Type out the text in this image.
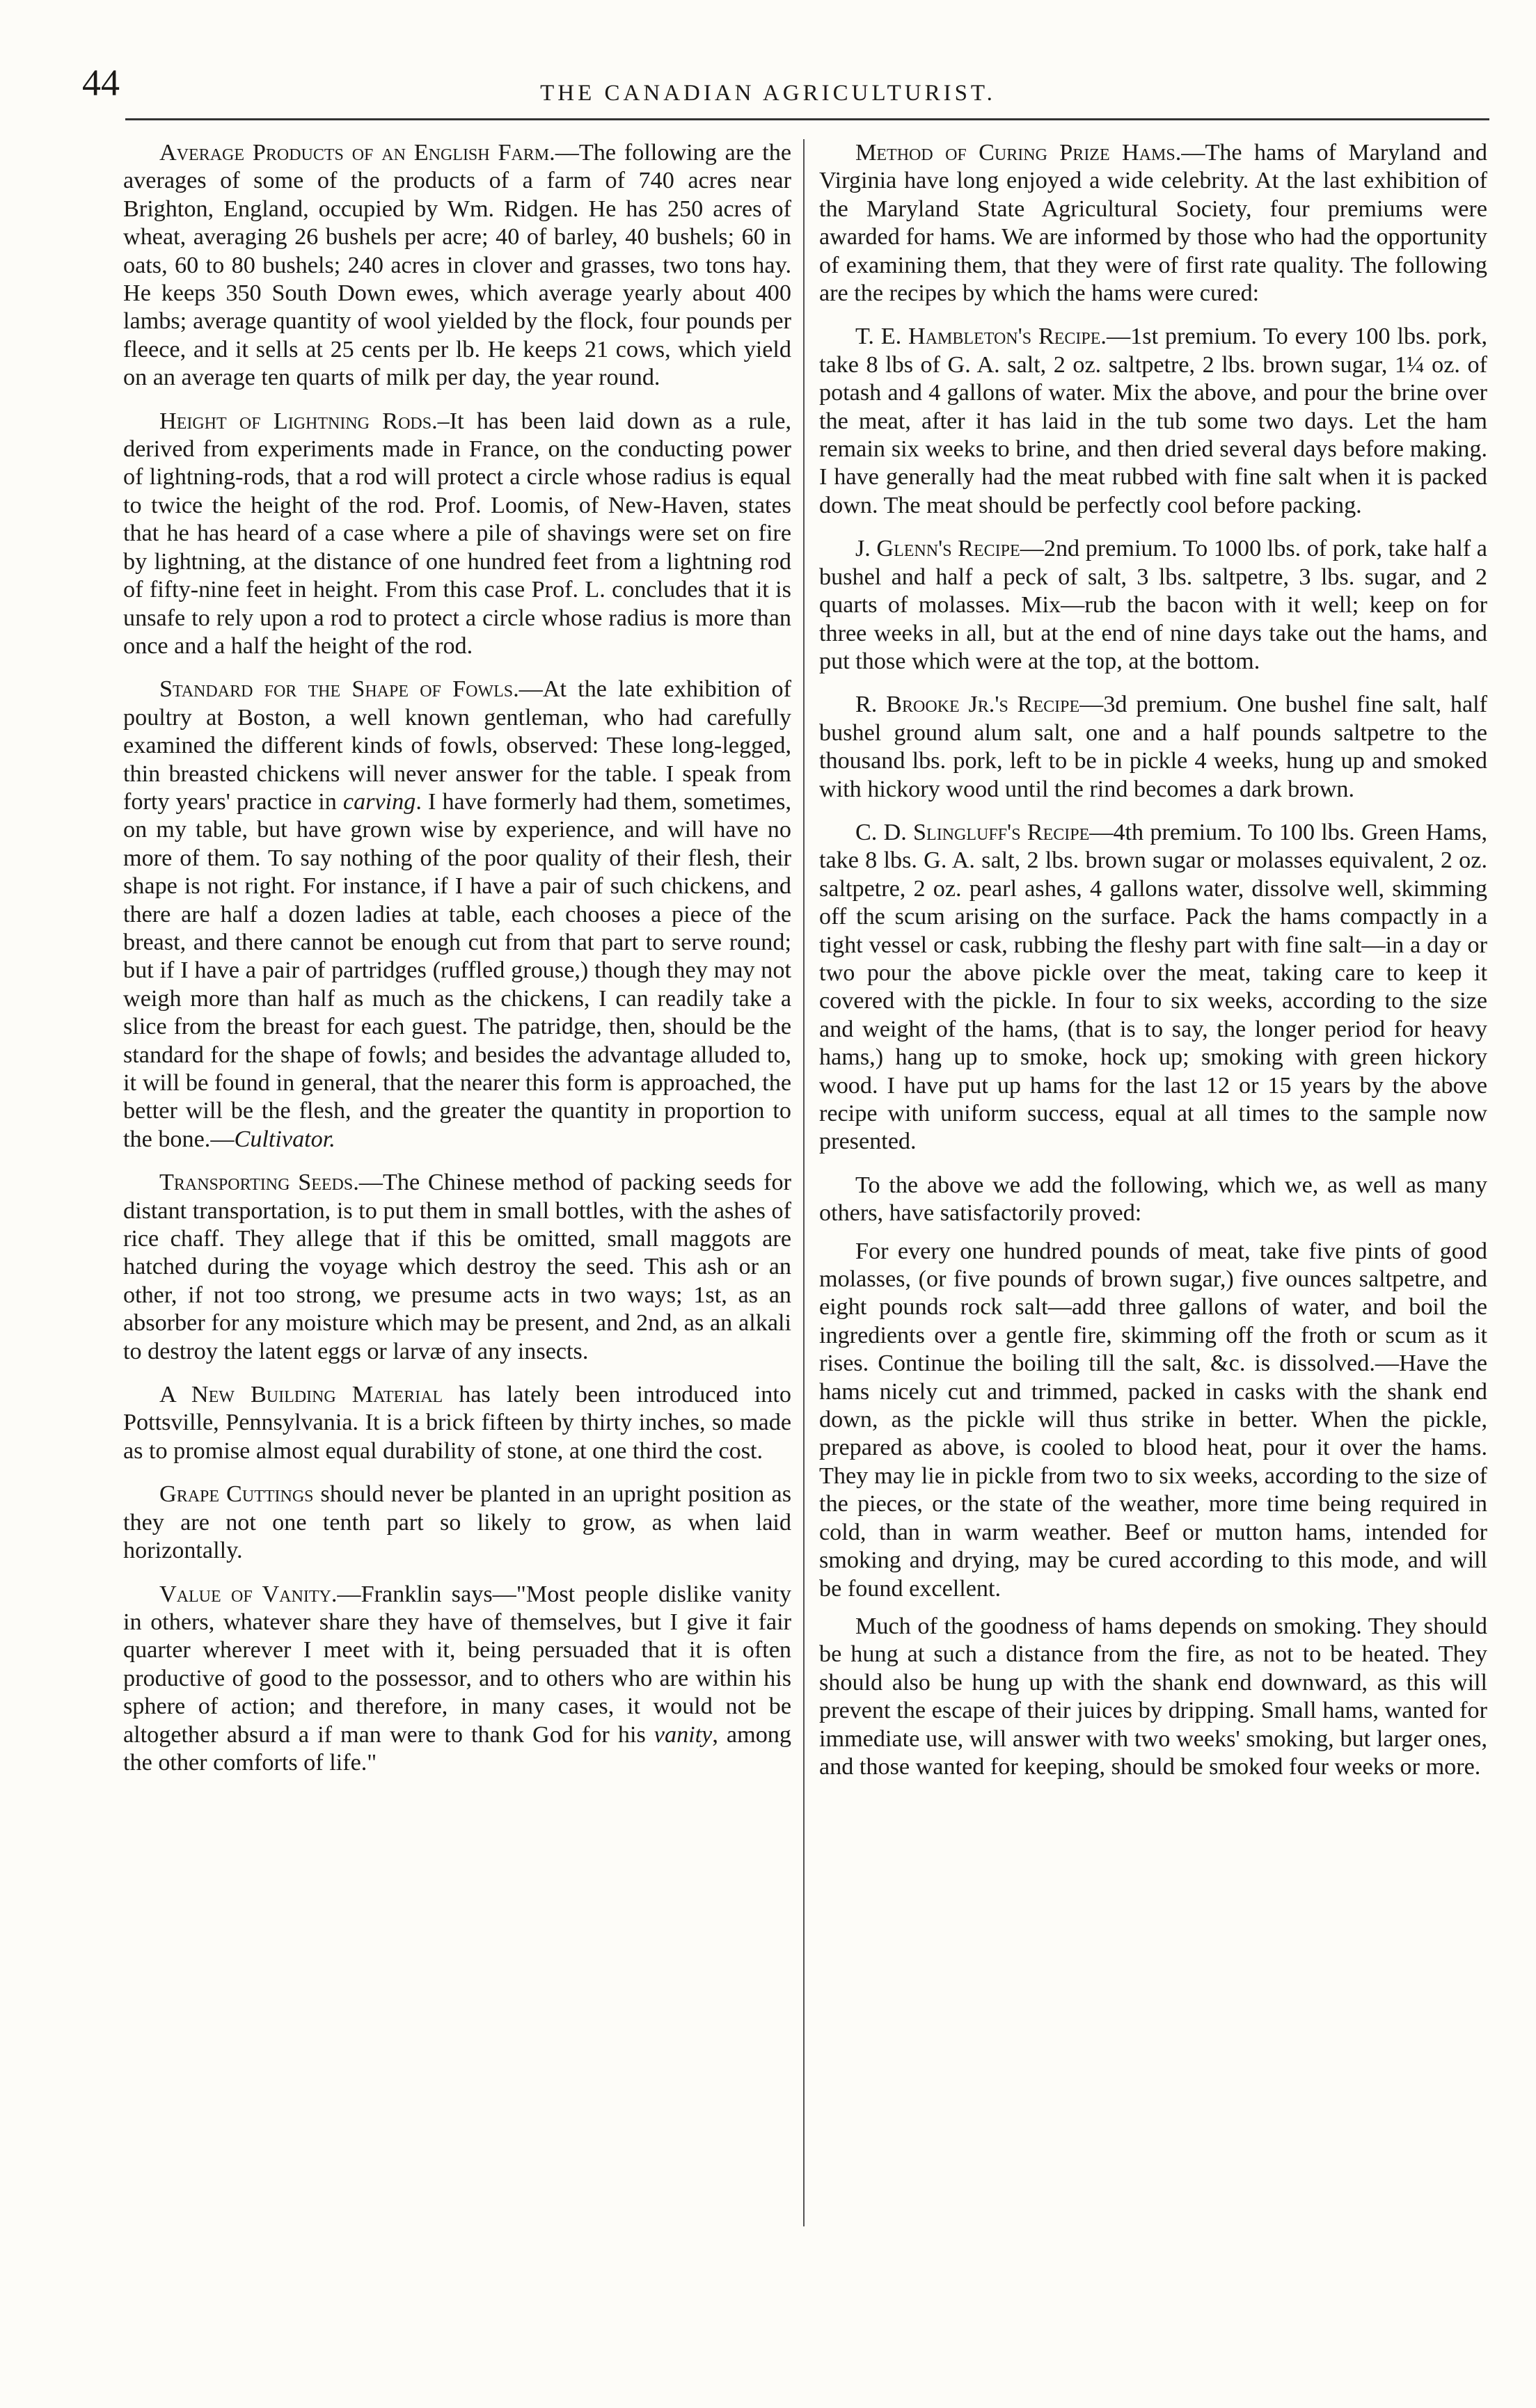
44	THE CANADIAN AGRICULTURIST.

Average Products of an English Farm.—The following are the averages of some of the products of a farm of 740 acres near Brighton, England, occupied by Wm. Ridgen. He has 250 acres of wheat, averaging 26 bushels per acre; 40 of barley, 40 bushels; 60 in oats, 60 to 80 bushels; 240 acres in clover and grasses, two tons hay. He keeps 350 South Down ewes, which average yearly about 400 lambs; average quantity of wool yielded by the flock, four pounds per fleece, and it sells at 25 cents per lb. He keeps 21 cows, which yield on an average ten quarts of milk per day, the year round.

Height of Lightning Rods.–It has been laid down as a rule, derived from experiments made in France, on the conducting power of lightning-rods, that a rod will protect a circle whose radius is equal to twice the height of the rod. Prof. Loomis, of New-Haven, states that he has heard of a case where a pile of shavings were set on fire by lightning, at the distance of one hundred feet from a lightning rod of fifty-nine feet in height. From this case Prof. L. concludes that it is unsafe to rely upon a rod to protect a circle whose radius is more than once and a half the height of the rod.

Standard for the Shape of Fowls.—At the late exhibition of poultry at Boston, a well known gentleman, who had carefully examined the different kinds of fowls, observed: These long-legged, thin breasted chickens will never answer for the table. I speak from forty years' practice in carving. I have formerly had them, sometimes, on my table, but have grown wise by experience, and will have no more of them. To say nothing of the poor quality of their flesh, their shape is not right. For instance, if I have a pair of such chickens, and there are half a dozen ladies at table, each chooses a piece of the breast, and there cannot be enough cut from that part to serve round; but if I have a pair of partridges (ruffled grouse,) though they may not weigh more than half as much as the chickens, I can readily take a slice from the breast for each guest. The patridge, then, should be the standard for the shape of fowls; and besides the advantage alluded to, it will be found in general, that the nearer this form is approached, the better will be the flesh, and the greater the quantity in proportion to the bone.—Cultivator.

Transporting Seeds.—The Chinese method of packing seeds for distant transportation, is to put them in small bottles, with the ashes of rice chaff. They allege that if this be omitted, small maggots are hatched during the voyage which destroy the seed. This ash or an other, if not too strong, we presume acts in two ways; 1st, as an absorber for any moisture which may be present, and 2nd, as an alkali to destroy the latent eggs or larvæ of any insects.

A New Building Material has lately been introduced into Pottsville, Pennsylvania. It is a brick fifteen by thirty inches, so made as to promise almost equal durability of stone, at one third the cost.

Grape Cuttings should never be planted in an upright position as they are not one tenth part so likely to grow, as when laid horizontally.

Value of Vanity.—Franklin says—"Most people dislike vanity in others, whatever share they have of themselves, but I give it fair quarter wherever I meet with it, being persuaded that it is often productive of good to the possessor, and to others who are within his sphere of action; and therefore, in many cases, it would not be altogether absurd a if man were to thank God for his vanity, among the other comforts of life."

Method of Curing Prize Hams.—The hams of Maryland and Virginia have long enjoyed a wide celebrity. At the last exhibition of the Maryland State Agricultural Society, four premiums were awarded for hams. We are informed by those who had the opportunity of examining them, that they were of first rate quality. The following are the recipes by which the hams were cured:

T. E. Hambleton's Recipe.—1st premium. To every 100 lbs. pork, take 8 lbs of G. A. salt, 2 oz. saltpetre, 2 lbs. brown sugar, 1¼ oz. of potash and 4 gallons of water. Mix the above, and pour the brine over the meat, after it has laid in the tub some two days. Let the ham remain six weeks to brine, and then dried several days before making. I have generally had the meat rubbed with fine salt when it is packed down. The meat should be perfectly cool before packing.

J. Glenn's Recipe—2nd premium. To 1000 lbs. of pork, take half a bushel and half a peck of salt, 3 lbs. saltpetre, 3 lbs. sugar, and 2 quarts of molasses. Mix—rub the bacon with it well; keep on for three weeks in all, but at the end of nine days take out the hams, and put those which were at the top, at the bottom.

R. Brooke Jr.'s Recipe—3d premium. One bushel fine salt, half bushel ground alum salt, one and a half pounds saltpetre to the thousand lbs. pork, left to be in pickle 4 weeks, hung up and smoked with hickory wood until the rind becomes a dark brown.

C. D. Slingluff's Recipe—4th premium. To 100 lbs. Green Hams, take 8 lbs. G. A. salt, 2 lbs. brown sugar or molasses equivalent, 2 oz. saltpetre, 2 oz. pearl ashes, 4 gallons water, dissolve well, skimming off the scum arising on the surface. Pack the hams compactly in a tight vessel or cask, rubbing the fleshy part with fine salt—in a day or two pour the above pickle over the meat, taking care to keep it covered with the pickle. In four to six weeks, according to the size and weight of the hams, (that is to say, the longer period for heavy hams,) hang up to smoke, hock up; smoking with green hickory wood. I have put up hams for the last 12 or 15 years by the above recipe with uniform success, equal at all times to the sample now presented.

To the above we add the following, which we, as well as many others, have satisfactorily proved:

For every one hundred pounds of meat, take five pints of good molasses, (or five pounds of brown sugar,) five ounces saltpetre, and eight pounds rock salt—add three gallons of water, and boil the ingredients over a gentle fire, skimming off the froth or scum as it rises. Continue the boiling till the salt, &c. is dissolved.—Have the hams nicely cut and trimmed, packed in casks with the shank end down, as the pickle will thus strike in better. When the pickle, prepared as above, is cooled to blood heat, pour it over the hams. They may lie in pickle from two to six weeks, according to the size of the pieces, or the state of the weather, more time being required in cold, than in warm weather. Beef or mutton hams, intended for smoking and drying, may be cured according to this mode, and will be found excellent.

Much of the goodness of hams depends on smoking. They should be hung at such a distance from the fire, as not to be heated. They should also be hung up with the shank end downward, as this will prevent the escape of their juices by dripping. Small hams, wanted for immediate use, will answer with two weeks' smoking, but larger ones, and those wanted for keeping, should be smoked four weeks or more.
